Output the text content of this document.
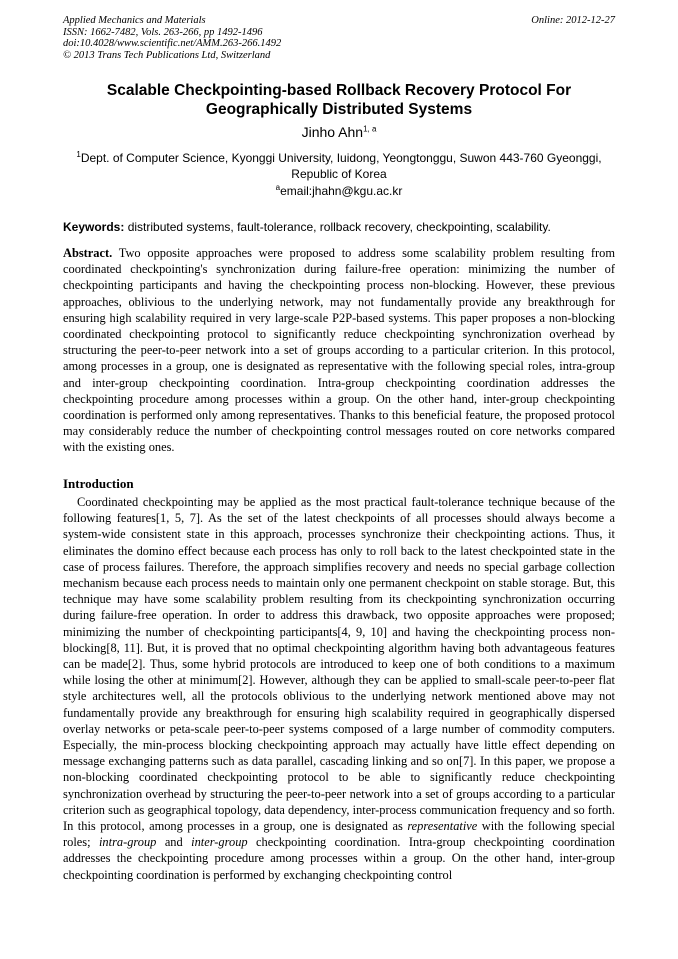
Applied Mechanics and Materials
ISSN: 1662-7482, Vols. 263-266, pp 1492-1496
doi:10.4028/www.scientific.net/AMM.263-266.1492
© 2013 Trans Tech Publications Ltd, Switzerland
Online: 2012-12-27
Scalable Checkpointing-based Rollback Recovery Protocol For Geographically Distributed Systems
Jinho Ahn$^{1, a}$
$^1$Dept. of Computer Science, Kyonggi University, Iuidong, Yeongtonggu, Suwon 443-760 Gyeonggi, Republic of Korea
$^a$email:jhahn@kgu.ac.kr
Keywords: distributed systems, fault-tolerance, rollback recovery, checkpointing, scalability.
Abstract. Two opposite approaches were proposed to address some scalability problem resulting from coordinated checkpointing's synchronization during failure-free operation: minimizing the number of checkpointing participants and having the checkpointing process non-blocking. However, these previous approaches, oblivious to the underlying network, may not fundamentally provide any breakthrough for ensuring high scalability required in very large-scale P2P-based systems. This paper proposes a non-blocking coordinated checkpointing protocol to significantly reduce checkpointing synchronization overhead by structuring the peer-to-peer network into a set of groups according to a particular criterion. In this protocol, among processes in a group, one is designated as representative with the following special roles, intra-group and inter-group checkpointing coordination. Intra-group checkpointing coordination addresses the checkpointing procedure among processes within a group. On the other hand, inter-group checkpointing coordination is performed only among representatives. Thanks to this beneficial feature, the proposed protocol may considerably reduce the number of checkpointing control messages routed on core networks compared with the existing ones.
Introduction
Coordinated checkpointing may be applied as the most practical fault-tolerance technique because of the following features[1, 5, 7]. As the set of the latest checkpoints of all processes should always become a system-wide consistent state in this approach, processes synchronize their checkpointing actions. Thus, it eliminates the domino effect because each process has only to roll back to the latest checkpointed state in the case of process failures. Therefore, the approach simplifies recovery and needs no special garbage collection mechanism because each process needs to maintain only one permanent checkpoint on stable storage. But, this technique may have some scalability problem resulting from its checkpointing synchronization occurring during failure-free operation. In order to address this drawback, two opposite approaches were proposed; minimizing the number of checkpointing participants[4, 9, 10] and having the checkpointing process non-blocking[8, 11]. But, it is proved that no optimal checkpointing algorithm having both advantageous features can be made[2]. Thus, some hybrid protocols are introduced to keep one of both conditions to a maximum while losing the other at minimum[2]. However, although they can be applied to small-scale peer-to-peer flat style architectures well, all the protocols oblivious to the underlying network mentioned above may not fundamentally provide any breakthrough for ensuring high scalability required in geographically dispersed overlay networks or peta-scale peer-to-peer systems composed of a large number of commodity computers. Especially, the min-process blocking checkpointing approach may actually have little effect depending on message exchanging patterns such as data parallel, cascading linking and so on[7]. In this paper, we propose a non-blocking coordinated checkpointing protocol to be able to significantly reduce checkpointing synchronization overhead by structuring the peer-to-peer network into a set of groups according to a particular criterion such as geographical topology, data dependency, inter-process communication frequency and so forth. In this protocol, among processes in a group, one is designated as representative with the following special roles; intra-group and inter-group checkpointing coordination. Intra-group checkpointing coordination addresses the checkpointing procedure among processes within a group. On the other hand, inter-group checkpointing coordination is performed by exchanging checkpointing control
